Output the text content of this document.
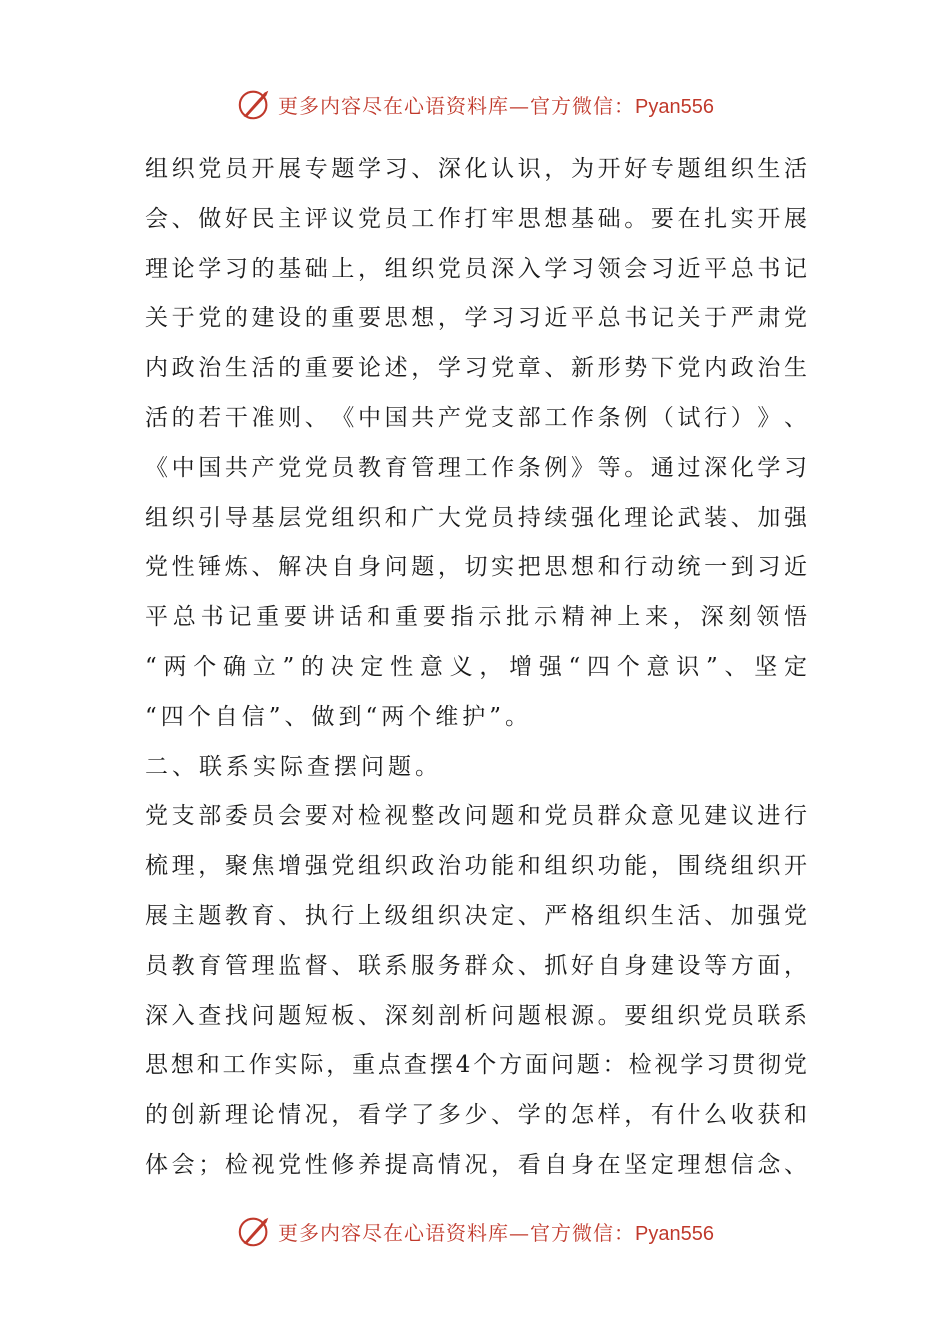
更多内容尽在心语资料库—官方微信：Pyan556
组 织 党 员 开 展 专 题 学 习 、 深 化 认 识 ， 为 开 好 专 题 组 织 生 活
会 、 做 好 民 主 评 议 党 员 工 作 打 牢 思 想 基 础 。 要 在 扎 实 开 展
理 论 学 习 的 基 础 上 ， 组 织 党 员 深 入 学 习 领 会 习 近 平 总 书 记
关 于 党 的 建 设 的 重 要 思 想 ， 学 习 习 近 平 总 书 记 关 于 严 肃 党
内 政 治 生 活 的 重 要 论 述 ， 学 习 党 章 、 新 形 势 下 党 内 政 治 生
活 的 若 干 准 则 、 《 中 国 共 产 党 支 部 工 作 条 例 （ 试 行 ） 》 、
《 中 国 共 产 党 党 员 教 育 管 理 工 作 条 例 》 等 。 通 过 深 化 学 习
组 织 引 导 基 层 党 组 织 和 广 大 党 员 持 续 强 化 理 论 武 装 、 加 强
党 性 锤 炼 、 解 决 自 身 问 题 ， 切 实 把 思 想 和 行 动 统 一 到 习 近
平 总 书 记 重 要 讲 话 和 重 要 指 示 批 示 精 神 上 来 ， 深 刻 领 悟
“ 两 个 确 立 ” 的 决 定 性 意 义 ， 增 强 “ 四 个 意 识 ” 、 坚 定
“四个自信”、做到“两个维护”。
二、联系实际查摆问题。
党 支 部 委 员 会 要 对 检 视 整 改 问 题 和 党 员 群 众 意 见 建 议 进 行
梳 理 ， 聚 焦 增 强 党 组 织 政 治 功 能 和 组 织 功 能 ， 围 绕 组 织 开
展 主 题 教 育 、 执 行 上 级 组 织 决 定 、 严 格 组 织 生 活 、 加 强 党
员 教 育 管 理 监 督 、 联 系 服 务 群 众 、 抓 好 自 身 建 设 等 方 面 ，
深 入 查 找 问 题 短 板 、 深 刻 剖 析 问 题 根 源 。 要 组 织 党 员 联 系
思 想 和 工 作 实 际 ， 重 点 查 摆 4 个 方 面 问 题 ： 检 视 学 习 贯 彻 党
的 创 新 理 论 情 况 ， 看 学 了 多 少 、 学 的 怎 样 ， 有 什 么 收 获 和
体 会 ； 检 视 党 性 修 养 提 高 情 况 ， 看 自 身 在 坚 定 理 想 信 念 、
更多内容尽在心语资料库—官方微信：Pyan556
